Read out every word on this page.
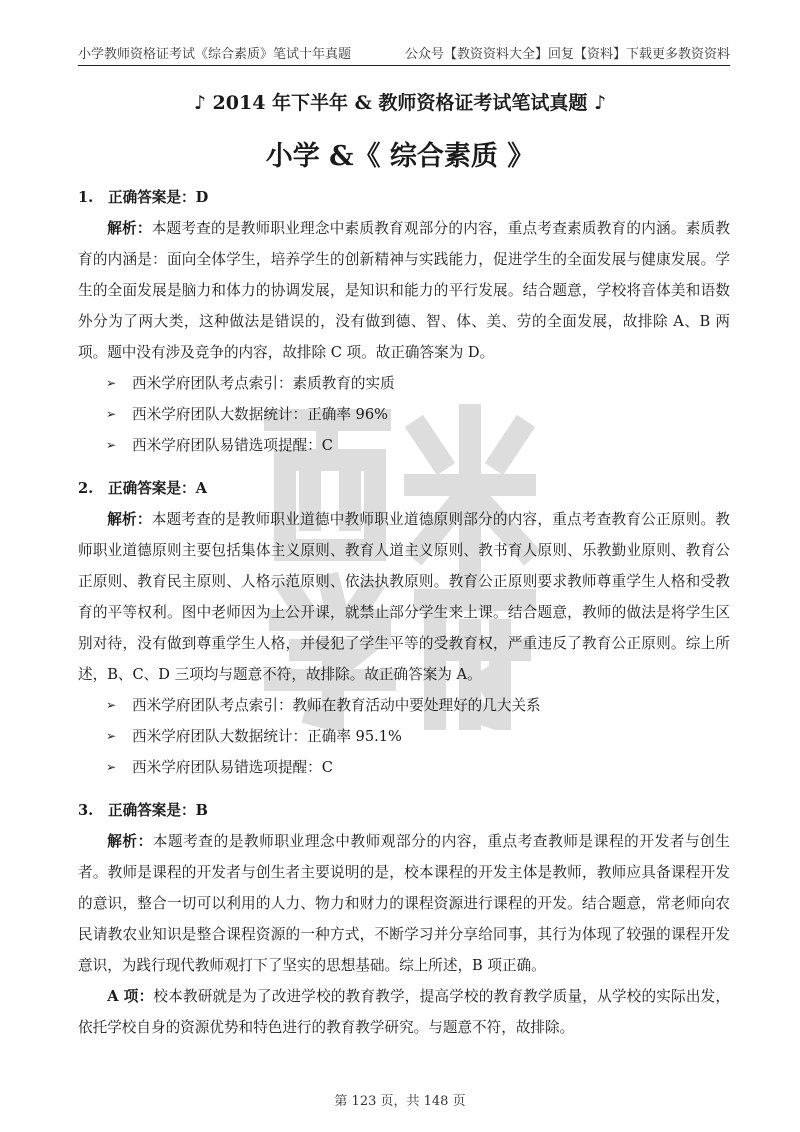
小学教师资格证考试《综合素质》笔试十年真题	公众号【教资资料大全】回复【资料】下载更多教资资料
♪ 2014 年下半年 & 教师资格证考试笔试真题 ♪
小学 &《 综合素质 》

1. 正确答案是：D

解析：本题考查的是教师职业理念中素质教育观部分的内容，重点考查素质教育的内涵。素质教育的内涵是：面向全体学生，培养学生的创新精神与实践能力，促进学生的全面发展与健康发展。学生的全面发展是脑力和体力的协调发展，是知识和能力的平行发展。结合题意，学校将音体美和语数外分为了两大类，这种做法是错误的，没有做到德、智、体、美、劳的全面发展，故排除 A、B 两项。题中没有涉及竞争的内容，故排除 C 项。故正确答案为 D。

➢ 西米学府团队考点索引：素质教育的实质
➢ 西米学府团队大数据统计：正确率 96%
➢ 西米学府团队易错选项提醒：C

2. 正确答案是：A

解析：本题考查的是教师职业道德中教师职业道德原则部分的内容，重点考查教育公正原则。教师职业道德原则主要包括集体主义原则、教育人道主义原则、教书育人原则、乐教勤业原则、教育公正原则、教育民主原则、人格示范原则、依法执教原则。教育公正原则要求教师尊重学生人格和受教育的平等权利。图中老师因为上公开课，就禁止部分学生来上课。结合题意，教师的做法是将学生区别对待，没有做到尊重学生人格，并侵犯了学生平等的受教育权，严重违反了教育公正原则。综上所述，B、C、D 三项均与题意不符，故排除。故正确答案为 A。

➢ 西米学府团队考点索引：教师在教育活动中要处理好的几大关系
➢ 西米学府团队大数据统计：正确率 95.1%
➢ 西米学府团队易错选项提醒：C

3. 正确答案是：B

解析：本题考查的是教师职业理念中教师观部分的内容，重点考查教师是课程的开发者与创生者。教师是课程的开发者与创生者主要说明的是，校本课程的开发主体是教师，教师应具备课程开发的意识，整合一切可以利用的人力、物力和财力的课程资源进行课程的开发。结合题意，常老师向农民请教农业知识是整合课程资源的一种方式，不断学习并分享给同事，其行为体现了较强的课程开发意识，为践行现代教师观打下了坚实的思想基础。综上所述，B 项正确。

A 项：校本教研就是为了改进学校的教育教学，提高学校的教育教学质量，从学校的实际出发，依托学校自身的资源优势和特色进行的教育教学研究。与题意不符，故排除。

第 123 页，共 148 页
